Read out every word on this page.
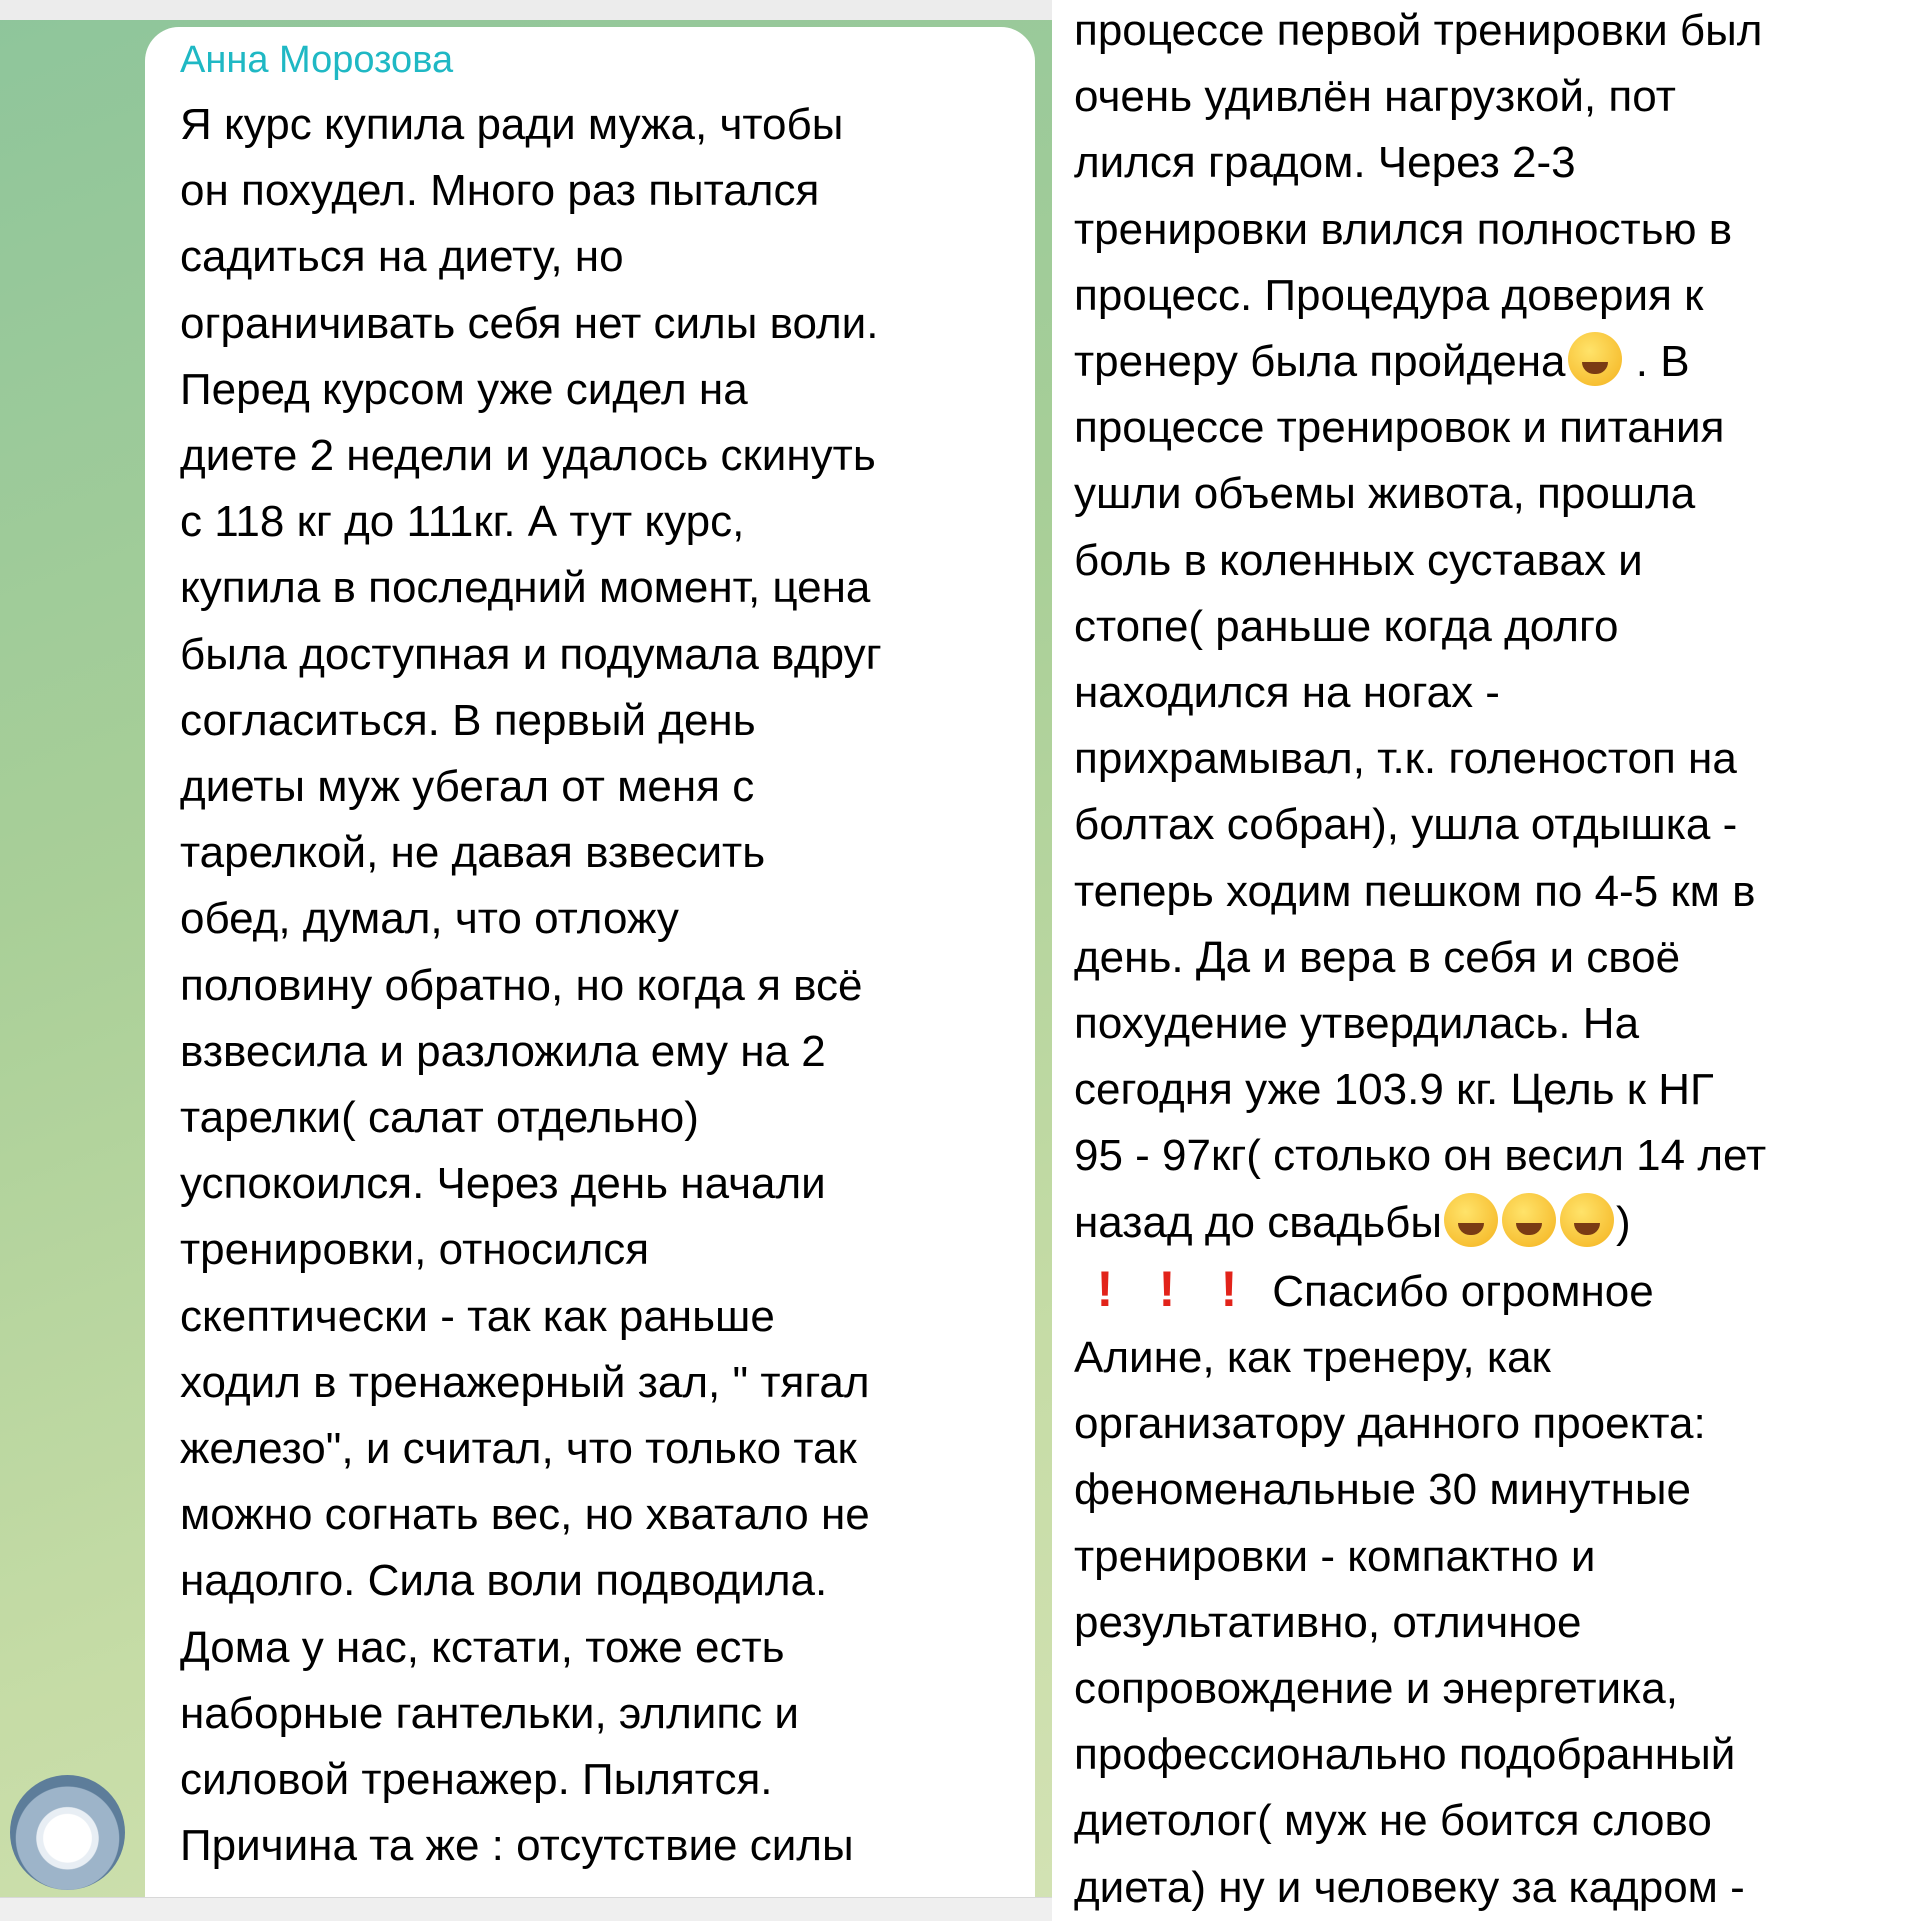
Анна Морозова
Я курс купила ради мужа, чтобы
он похудел. Много раз пытался
садиться на диету, но
ограничивать себя нет силы воли.
Перед курсом уже сидел на
диете 2 недели и удалось скинуть
с 118 кг до 111кг. А тут курс,
купила в последний момент, цена
была доступная и подумала вдруг
согласиться. В первый день
диеты муж убегал от меня с
тарелкой, не давая взвесить
обед, думал, что отложу
половину обратно, но когда я всё
взвесила и разложила ему на 2
тарелки( салат отдельно)
успокоился. Через день начали
тренировки, относился
скептически - так как раньше
ходил в тренажерный зал, " тягал
железо", и считал, что только так
можно согнать вес, но хватало не
надолго. Сила воли подводила.
Дома у нас, кстати, тоже есть
наборные гантельки, эллипс и
силовой тренажер. Пылятся.
Причина та же : отсутствие силы
процессе первой тренировки был
очень удивлён нагрузкой, пот
лился градом. Через 2-3
тренировки влился полностью в
процесс. Процедура доверия к
тренеру была пройдена . В
процессе тренировок и питания
ушли объемы живота, прошла
боль в коленных суставах и
стопе( раньше когда долго
находился на ногах -
прихрамывал, т.к. голеностоп на
болтах собран), ушла отдышка -
теперь ходим пешком по 4-5 км в
день. Да и вера в себя и своё
похудение утвердилась. На
сегодня уже 103.9 кг. Цель к НГ
95 - 97кг( столько он весил 14 лет
назад до свадьбы	)
! ! ! Спасибо огромное
Алине, как тренеру, как
организатору данного проекта:
феноменальные 30 минутные
тренировки - компактно и
результативно, отличное
сопровождение и энергетика,
профессионально подобранный
диетолог( муж не боится слово
диета) ну и человеку за кадром -
